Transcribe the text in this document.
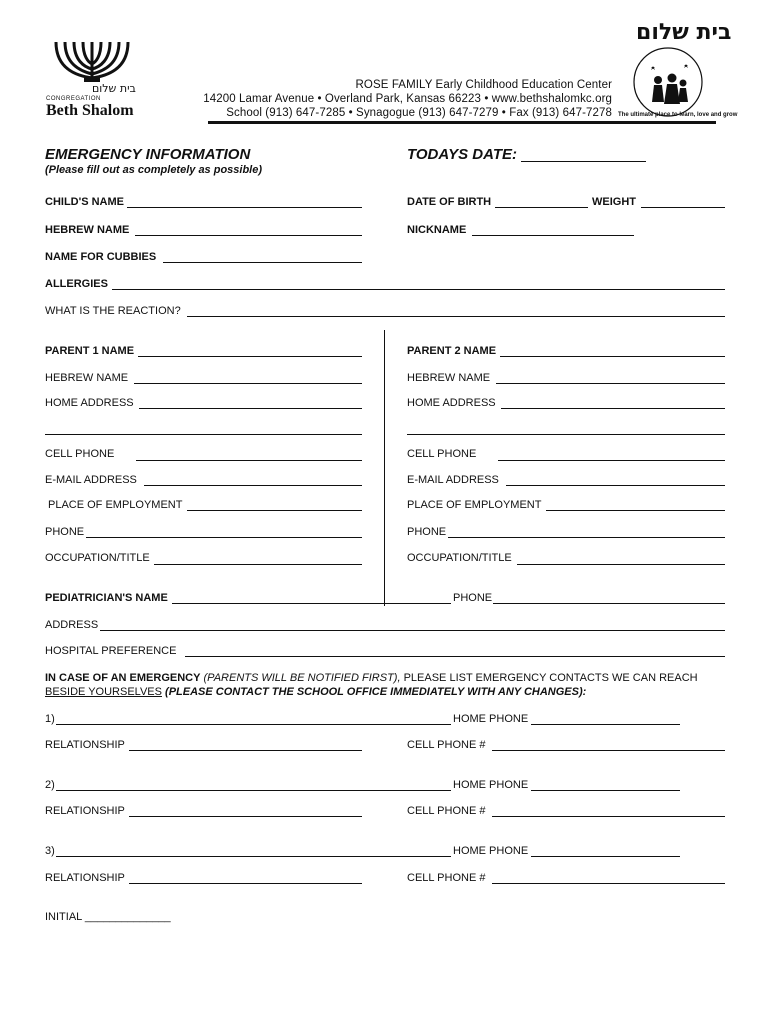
בית שלום
CONGREGATION
Beth Shalom
ROSE FAMILY Early Childhood Education Center
14200 Lamar Avenue • Overland Park, Kansas 66223 • www.bethshalomkc.org
School (913) 647-7285 • Synagogue (913) 647-7279 • Fax (913) 647-7278
בית שלום
The ultimate place to learn, love and grow
EMERGENCY INFORMATION
(Please fill out as completely as possible)
TODAYS DATE:
CHILD'S NAME	DATE OF BIRTH	WEIGHT
HEBREW NAME	NICKNAME
NAME FOR CUBBIES
ALLERGIES
WHAT IS THE REACTION?
PARENT 1 NAME
HEBREW NAME
HOME ADDRESS
CELL PHONE
E-MAIL ADDRESS
PLACE OF EMPLOYMENT
PHONE
OCCUPATION/TITLE
PARENT 2 NAME
HEBREW NAME
HOME ADDRESS
CELL PHONE
E-MAIL ADDRESS
PLACE OF EMPLOYMENT
PHONE
OCCUPATION/TITLE
PEDIATRICIAN'S NAME	PHONE
ADDRESS
HOSPITAL PREFERENCE
IN CASE OF AN EMERGENCY (PARENTS WILL BE NOTIFIED FIRST), PLEASE LIST EMERGENCY CONTACTS WE CAN REACH
BESIDE YOURSELVES (PLEASE CONTACT THE SCHOOL OFFICE IMMEDIATELY WITH ANY CHANGES):
1)	HOME PHONE
RELATIONSHIP	CELL PHONE #
2)	HOME PHONE
RELATIONSHIP	CELL PHONE #
3)	HOME PHONE
RELATIONSHIP	CELL PHONE #
INITIAL ______________
